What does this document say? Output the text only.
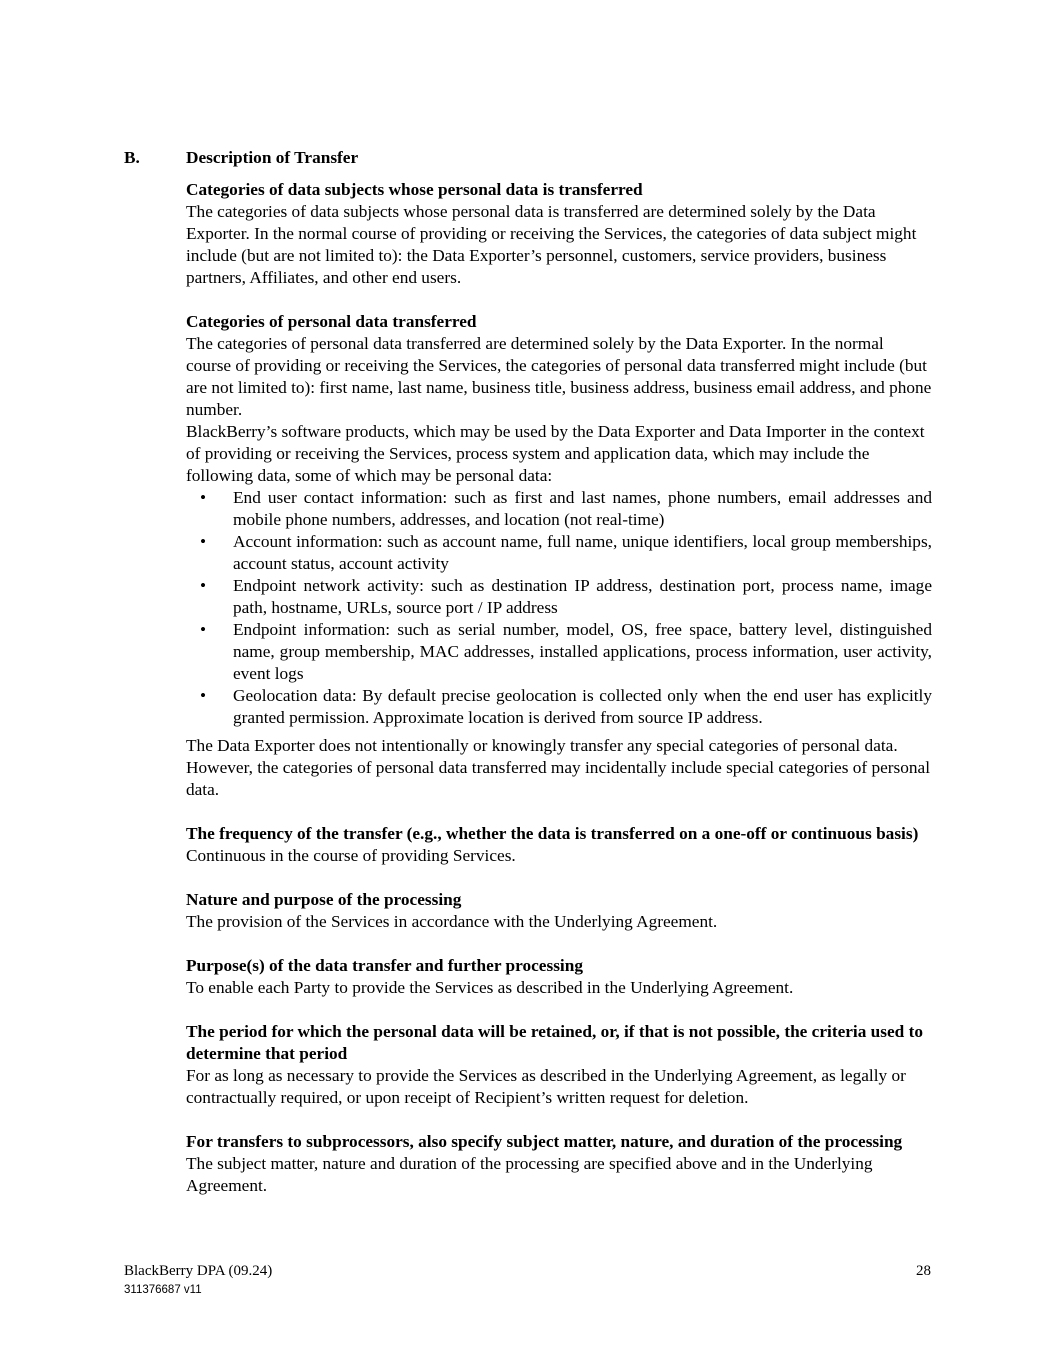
B.	Description of Transfer

Categories of data subjects whose personal data is transferred

The categories of data subjects whose personal data is transferred are determined solely by the Data Exporter. In the normal course of providing or receiving the Services, the categories of data subject might include (but are not limited to): the Data Exporter’s personnel, customers, service providers, business partners, Affiliates, and other end users.

Categories of personal data transferred

The categories of personal data transferred are determined solely by the Data Exporter. In the normal course of providing or receiving the Services, the categories of personal data transferred might include (but are not limited to): first name, last name, business title, business address, business email address, and phone number.

BlackBerry’s software products, which may be used by the Data Exporter and Data Importer in the context of providing or receiving the Services, process system and application data, which may include the following data, some of which may be personal data:

• End user contact information: such as first and last names, phone numbers, email addresses and mobile phone numbers, addresses, and location (not real-time)
• Account information: such as account name, full name, unique identifiers, local group memberships, account status, account activity
• Endpoint network activity: such as destination IP address, destination port, process name, image path, hostname, URLs, source port / IP address
• Endpoint information: such as serial number, model, OS, free space, battery level, distinguished name, group membership, MAC addresses, installed applications, process information, user activity, event logs
• Geolocation data: By default precise geolocation is collected only when the end user has explicitly granted permission. Approximate location is derived from source IP address.

The Data Exporter does not intentionally or knowingly transfer any special categories of personal data. However, the categories of personal data transferred may incidentally include special categories of personal data.

The frequency of the transfer (e.g., whether the data is transferred on a one-off or continuous basis)

Continuous in the course of providing Services.

Nature and purpose of the processing

The provision of the Services in accordance with the Underlying Agreement.

Purpose(s) of the data transfer and further processing

To enable each Party to provide the Services as described in the Underlying Agreement.

The period for which the personal data will be retained, or, if that is not possible, the criteria used to determine that period

For as long as necessary to provide the Services as described in the Underlying Agreement, as legally or contractually required, or upon receipt of Recipient’s written request for deletion.

For transfers to subprocessors, also specify subject matter, nature, and duration of the processing

The subject matter, nature and duration of the processing are specified above and in the Underlying Agreement.

BlackBerry DPA (09.24)
311376687 v11
28
